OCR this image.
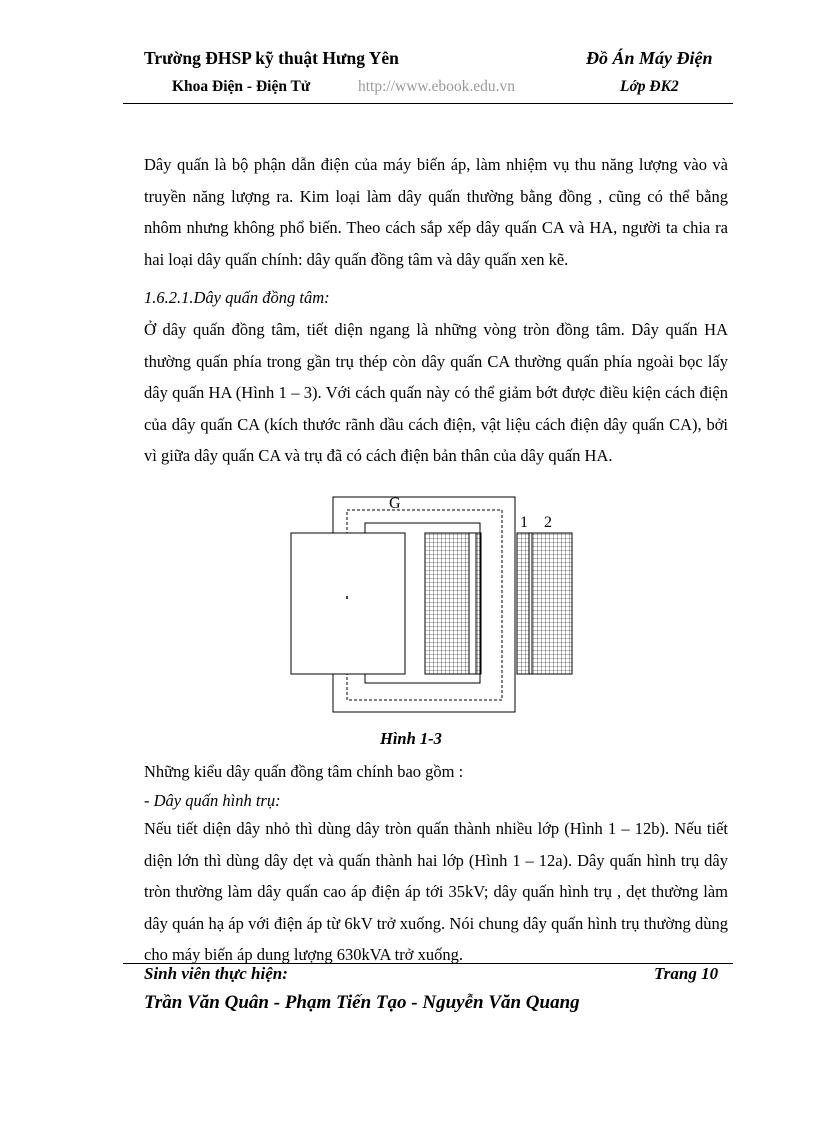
Trường ĐHSP kỹ thuật Hưng Yên	Đồ Án Máy Điện
Khoa Điện - Điện Tử	http://www.ebook.edu.vn	Lớp ĐK2

Dây quấn là bộ phận dẫn điện của máy biến áp, làm nhiệm vụ thu năng lượng vào và truyền năng lượng ra. Kim loại làm dây quấn thường bằng đồng , cũng có thể bằng nhôm nhưng không phổ biến. Theo cách sắp xếp dây quấn CA và HA, người ta chia ra hai loại dây quấn chính: dây quấn đồng tâm và dây quấn xen kẽ.

1.6.2.1.Dây quấn đồng tâm:

Ở dây quấn đồng tâm, tiết diện ngang là những vòng tròn đồng tâm. Dây quấn HA thường quấn phía trong gần trụ thép còn dây quấn CA thường quấn phía ngoài bọc lấy dây quấn HA (Hình 1 – 3). Với cách quấn này có thể giảm bớt được điều kiện cách điện của dây quấn CA (kích thước rãnh dầu cách điện, vật liệu cách điện dây quấn CA), bởi vì giữa dây quấn CA và trụ đã có cách điện bản thân của dây quấn HA.

G
1 2
Hình 1-3
Những kiểu dây quấn đồng tâm chính bao gồm :
- Dây quấn hình trụ:

Nếu tiết diện dây nhỏ thì dùng dây tròn quấn thành nhiều lớp (Hình 1 – 12b). Nếu tiết diện lớn thì dùng dây dẹt và quấn thành hai lớp (Hình 1 – 12a). Dây quấn hình trụ dây tròn thường làm dây quấn cao áp điện áp tới 35kV; dây quấn hình trụ , dẹt thường làm dây quán hạ áp với điện áp từ 6kV trở xuống. Nói chung dây quấn hình trụ thường dùng cho máy biến áp dung lượng 630kVA trở xuống.

Sinh viên thực hiện:	Trang 10
Trần Văn Quân - Phạm Tiến Tạo - Nguyễn Văn Quang
